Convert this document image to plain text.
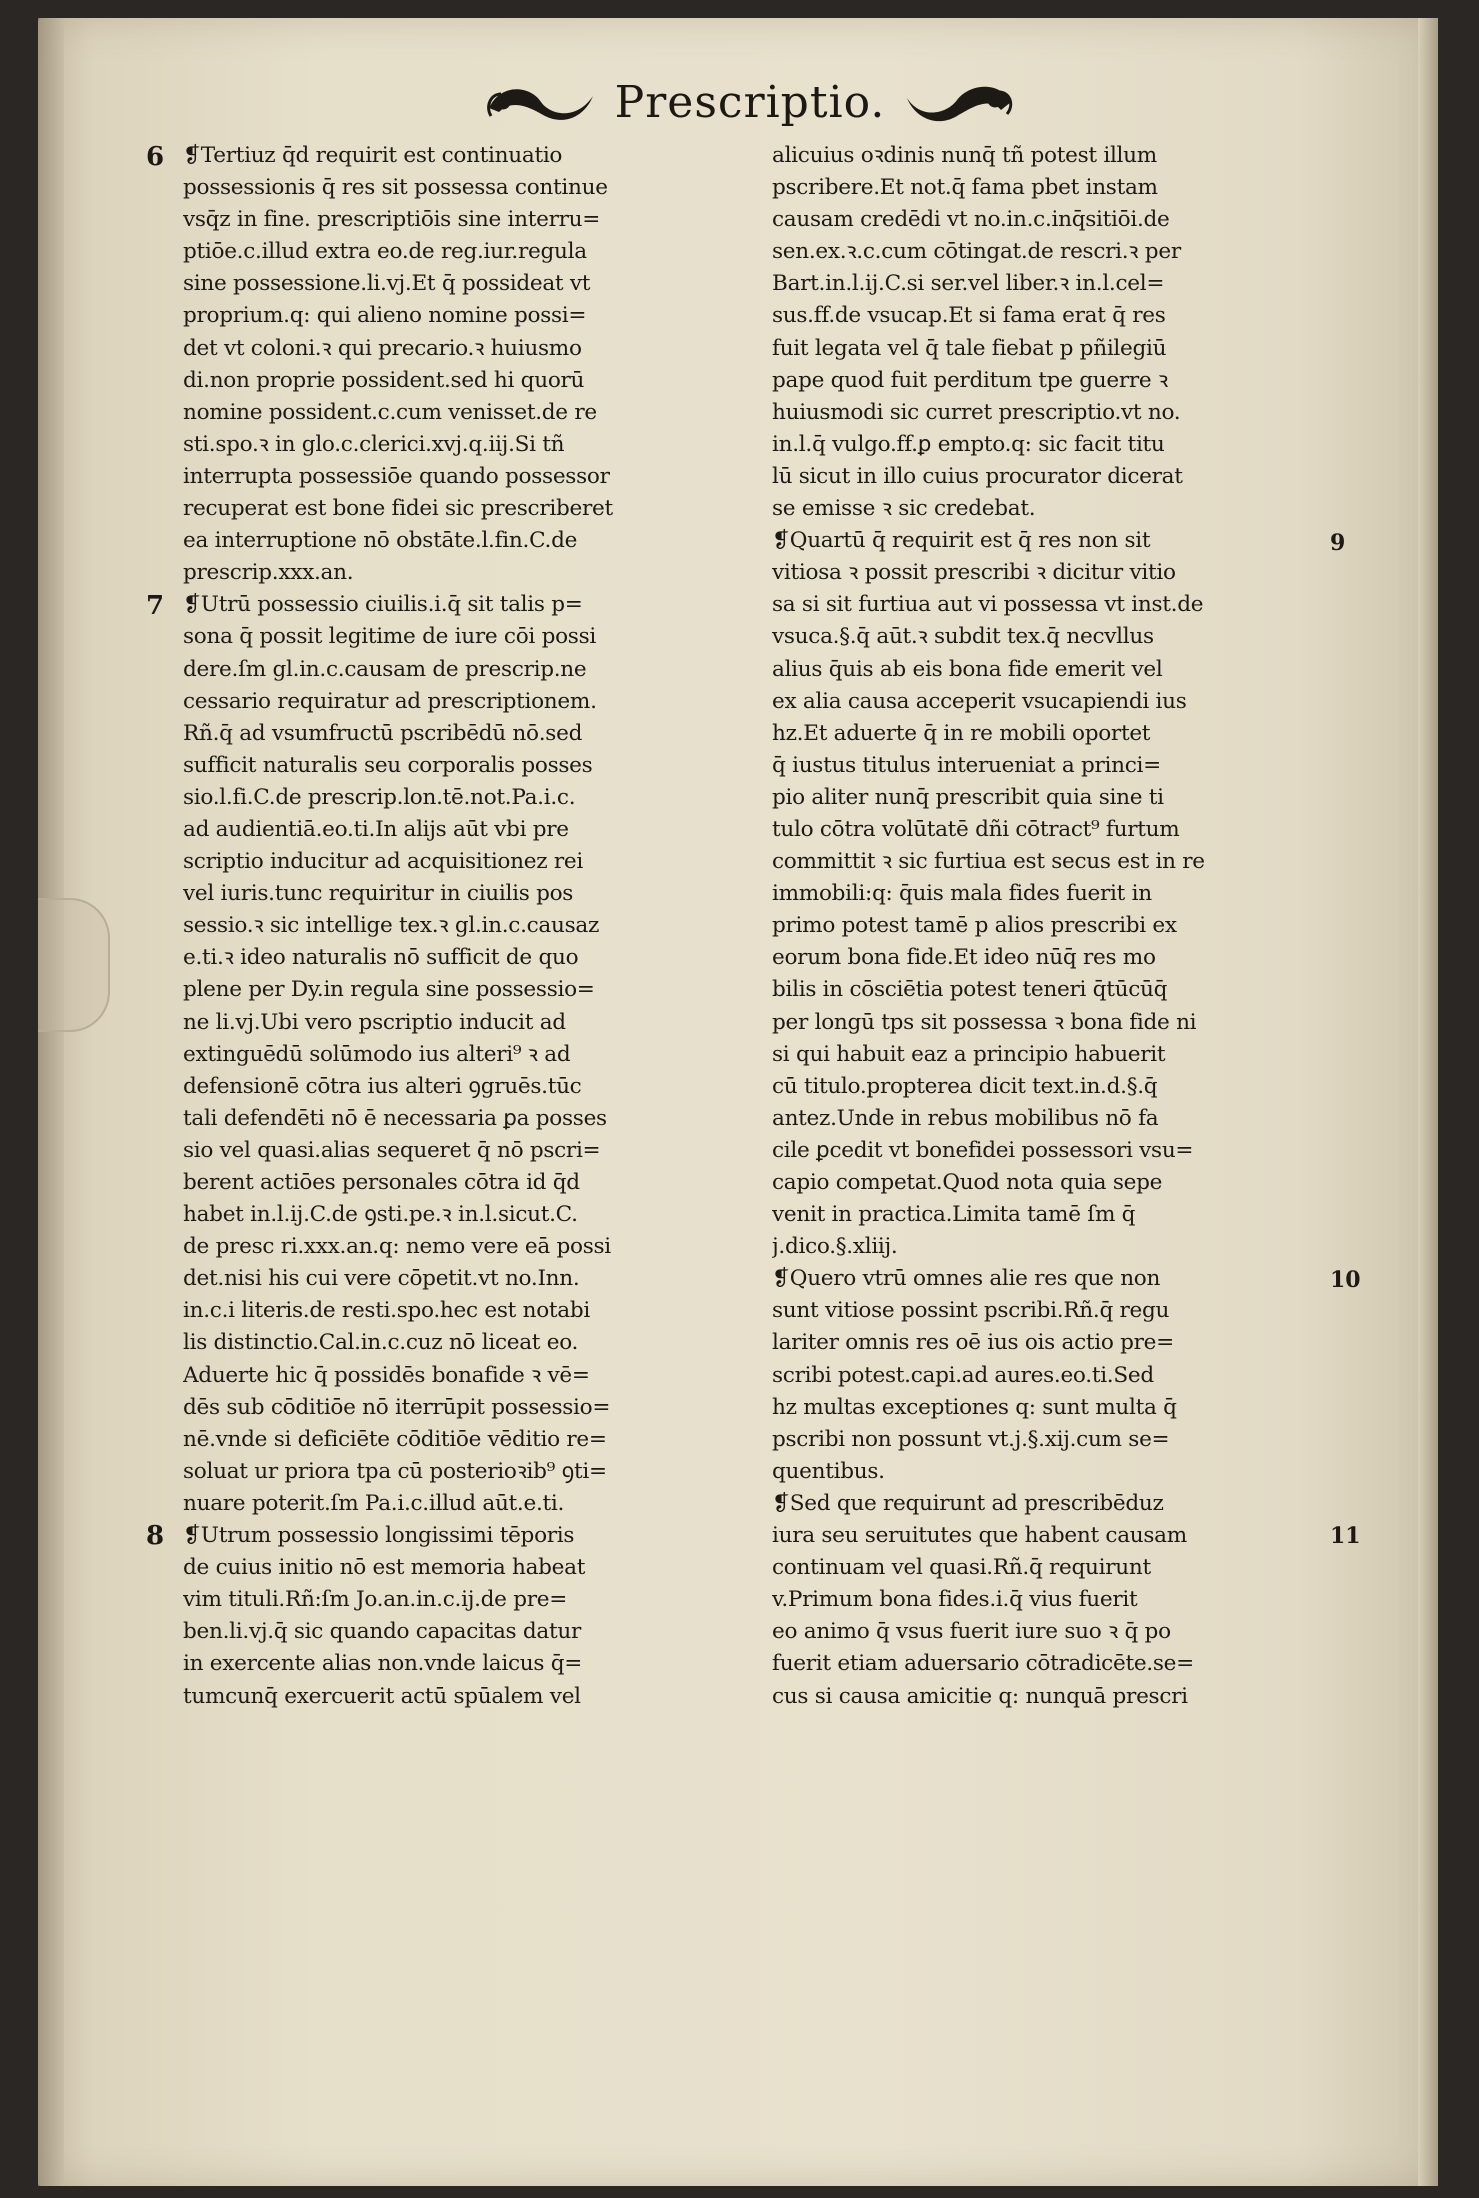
Prescriptio.
6
7
8
9
10
11
❡Tertiuz q̄d requirit est continuatio
possessionis q̄ res sit possessa continue
vsq̄z in fine. prescriptiōis sine interru=
ptiōe.c.illud extra eo.de reg.iur.regula
sine possessione.li.vj.Et q̄ possideat vt
proprium.q: qui alieno nomine possi=
det vt coloni.ꝛ qui precario.ꝛ huiusmo
di.non proprie possident.sed hi quorū
nomine possident.c.cum venisset.de re
sti.spo.ꝛ in glo.c.clerici.xvj.q.iij.Si tñ
interrupta possessiōe quando possessor
recuperat est bone fidei sic prescriberet
ea interruptione nō obstāte.l.fin.C.de
prescrip.xxx.an.
❡Utrū possessio ciuilis.i.q̄ sit talis p=
sona q̄ possit legitime de iure cōi possi
dere.ſm gl.in.c.causam de prescrip.ne
cessario requiratur ad prescriptionem.
Rñ.q̄ ad vsumfructū pscribēdū nō.sed
sufficit naturalis seu corporalis posses
sio.l.fi.C.de prescrip.lon.tē.not.Pa.i.c.
ad audientiā.eo.ti.In alijs aūt vbi pre
scriptio inducitur ad acquisitionez rei
vel iuris.tunc requiritur in ciuilis pos
sessio.ꝛ sic intellige tex.ꝛ gl.in.c.causaz
e.ti.ꝛ ideo naturalis nō sufficit de quo
plene per Dy.in regula sine possessio=
ne li.vj.Ubi vero pscriptio inducit ad
extinguēdū solūmodo ius alteri⁹ ꝛ ad
defensionē cōtra ius alteri ꝯgruēs.tūc
tali defendēti nō ē necessaria ꝑa posses
sio vel quasi.alias sequeret q̄ nō pscri=
berent actiōes personales cōtra id q̄d
habet in.l.ij.C.de ꝯsti.pe.ꝛ in.l.sicut.C.
de presc ri.xxx.an.q: nemo vere eā possi
det.nisi his cui vere cōpetit.vt no.Inn.
in.c.i literis.de resti.spo.hec est notabi
lis distinctio.Cal.in.c.cuz nō liceat eo.
Aduerte hic q̄ possidēs bonafide ꝛ vē=
dēs sub cōditiōe nō iterrūpit possessio=
nē.vnde si deficiēte cōditiōe vēditio re=
soluat ur priora tpa cū posterioꝛib⁹ ꝯti=
nuare poterit.ſm Pa.i.c.illud aūt.e.ti.
❡Utrum possessio longissimi tēporis
de cuius initio nō est memoria habeat
vim tituli.Rñ:ſm Jo.an.in.c.ij.de pre=
ben.li.vj.q̄ sic quando capacitas datur
in exercente alias non.vnde laicus q̄=
tumcunq̄ exercuerit actū spūalem vel
alicuius oꝛdinis nunq̄ tñ potest illum
pscribere.Et not.q̄ fama pbet instam
causam credēdi vt no.in.c.inq̄sitiōi.de
sen.ex.ꝛ.c.cum cōtingat.de rescri.ꝛ per
Bart.in.l.ij.C.si ser.vel liber.ꝛ in.l.cel=
sus.ff.de vsucap.Et si fama erat q̄ res
fuit legata vel q̄ tale fiebat p pñilegiū
pape quod fuit perditum tpe guerre ꝛ
huiusmodi sic curret prescriptio.vt no.
in.l.q̄ vulgo.ff.ꝑ empto.q: sic facit titu
lū sicut in illo cuius procurator dicerat
se emisse ꝛ sic credebat.
❡Quartū q̄ requirit est q̄ res non sit
vitiosa ꝛ possit prescribi ꝛ dicitur vitio
sa si sit furtiua aut vi possessa vt inst.de
vsuca.§.q̄ aūt.ꝛ subdit tex.q̄ necvllus
alius q̄uis ab eis bona fide emerit vel
ex alia causa acceperit vsucapiendi ius
hz.Et aduerte q̄ in re mobili oportet
q̄ iustus titulus interueniat a princi=
pio aliter nunq̄ prescribit quia sine ti
tulo cōtra volūtatē dñi cōtract⁹ furtum
committit ꝛ sic furtiua est secus est in re
immobili:q: q̄uis mala fides fuerit in
primo potest tamē p alios prescribi ex
eorum bona fide.Et ideo nūq̄ res mo
bilis in cōsciētia potest teneri q̄tūcūq̄
per longū tps sit possessa ꝛ bona fide ni
si qui habuit eaz a principio habuerit
cū titulo.propterea dicit text.in.d.§.q̄
antez.Unde in rebus mobilibus nō fa
cile ꝑcedit vt bonefidei possessori vsu=
capio competat.Quod nota quia sepe
venit in practica.Limita tamē ſm q̄
j.dico.§.xliij.
❡Quero vtrū omnes alie res que non
sunt vitiose possint pscribi.Rñ.q̄ regu
lariter omnis res oē ius ois actio pre=
scribi potest.capi.ad aures.eo.ti.Sed
hz multas exceptiones q: sunt multa q̄
pscribi non possunt vt.j.§.xij.cum se=
quentibus.
❡Sed que requirunt ad prescribēduz
iura seu seruitutes que habent causam
continuam vel quasi.Rñ.q̄ requirunt
v.Primum bona fides.i.q̄ vius fuerit
eo animo q̄ vsus fuerit iure suo ꝛ q̄ po
fuerit etiam aduersario cōtradicēte.se=
cus si causa amicitie q: nunquā prescri
